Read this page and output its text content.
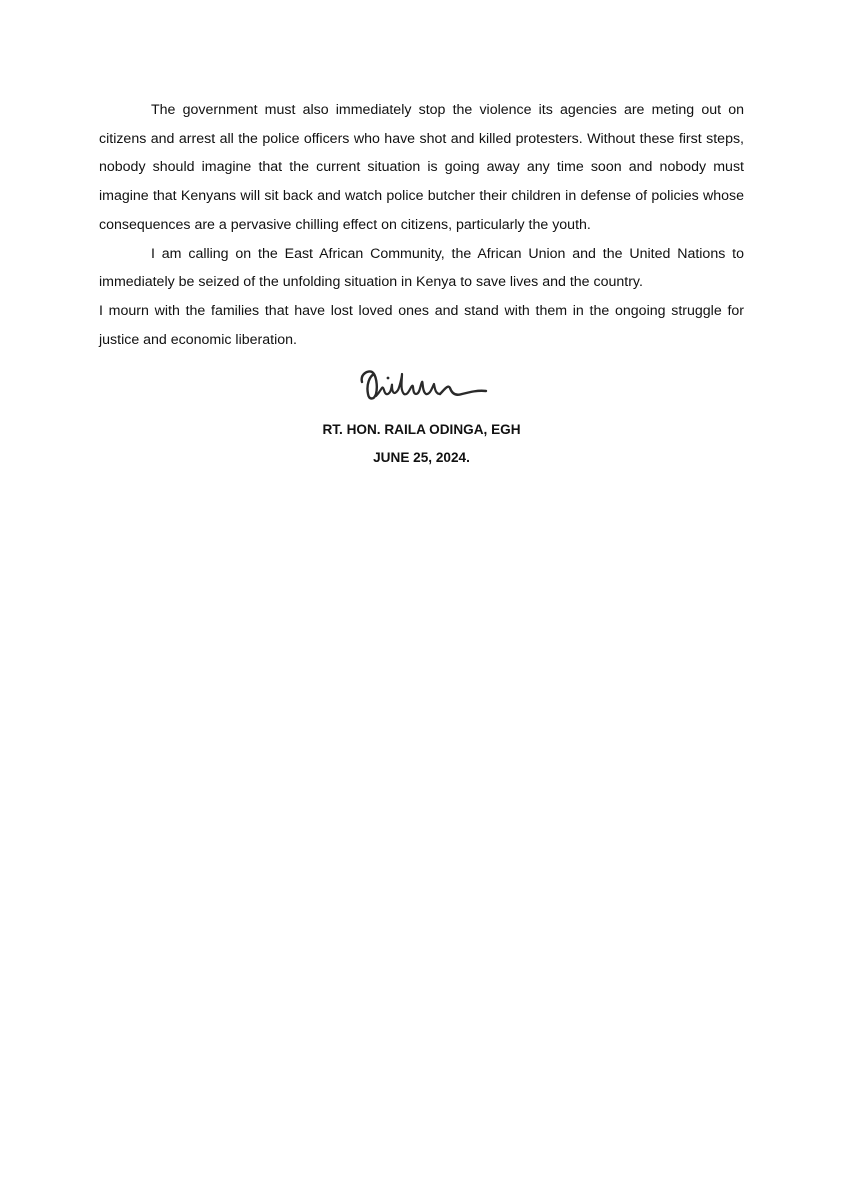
The government must also immediately stop the violence its agencies are meting out on citizens and arrest all the police officers who have shot and killed protesters. Without these first steps, nobody should imagine that the current situation is going away any time soon and nobody must imagine that Kenyans will sit back and watch police butcher their children in defense of policies whose consequences are a pervasive chilling effect on citizens, particularly the youth.

I am calling on the East African Community, the African Union and the United Nations to immediately be seized of the unfolding situation in Kenya to save lives and the country.

I mourn with the families that have lost loved ones and stand with them in the ongoing struggle for justice and economic liberation.

RT. HON. RAILA ODINGA, EGH
JUNE 25, 2024.
